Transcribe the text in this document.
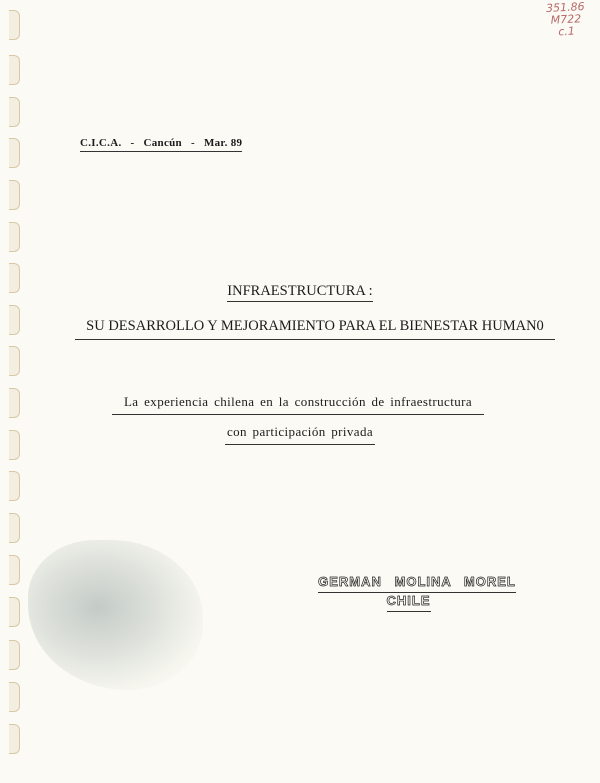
351.86
M722
c.1
C.I.C.A. - Cancún - Mar. 89
INFRAESTRUCTURA :
SU DESARROLLO Y MEJORAMIENTO PARA EL BIENESTAR HUMAN0
La experiencia chilena en la construcción de infraestructura
con participación privada
GERMAN MOLINA MOREL
CHILE
